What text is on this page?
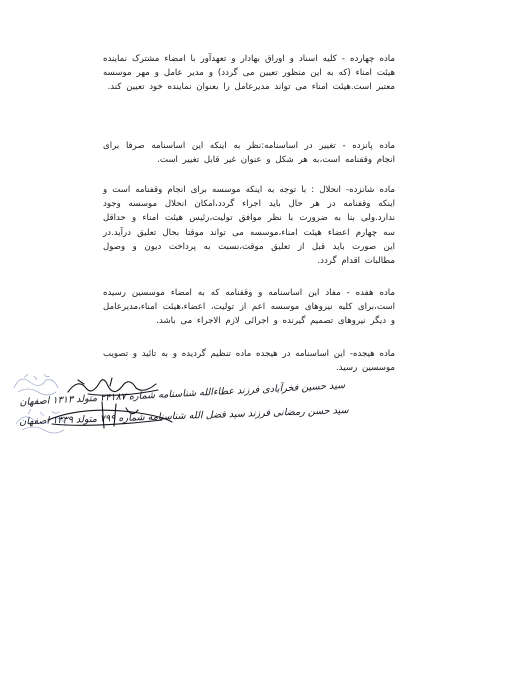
ماده چهارده - کلیه اسناد و اوراق بهادار و تعهدآور با امضاء مشترک نماینده هیئت امناء (که به این منظور تعیین می گردد) و مدیر عامل و مهر موسسه معتبر است.هیئت امناء می تواند مدیرعامل را بعنوان نماینده خود تعیین کند.
ماده پانزده - تغییر در اساسنامه:نظر به اینکه این اساسنامه صرفا برای انجام وقفنامه است،به هر شکل و عنوان غیر قابل تغییر است.
ماده شانزده- انحلال : با توجه به اینکه موسسه برای انجام وقفنامه است و اینکه وقفنامه در هر حال باید اجراء گردد،امکان انحلال موسسه وجود ندارد.ولی بنا به ضرورت با نظر موافق تولیت،رئیس هیئت امناء و حداقل سه چهارم اعضاء هیئت امناء،موسسه می تواند موقتا بحال تعلیق درآید.در این صورت باید قبل از تعلیق موقت،نسبت به پرداخت دیون و وصول مطالبات اقدام گردد.
ماده هفده - مفاد این اساسنامه و وقفنامه که به امضاء موسسین رسیده است،برای کلیه نیروهای موسسه اعم از تولیت، اعضاء،هیئت امناء،مدیرعامل و دیگر نیروهای تصمیم گیرنده و اجرائی لازم الاجراء می باشد.
ماده هیجده- این اساسنامه در هیجده ماده تنظیم گردیده و به تائید و تصویب موسسین رسید.
سید حسین فخرآبادی فرزند عطاءالله شناسنامه شماره ۲۴۱۸۷ متولد ۱۳۱۳ اصفهان
سید حسن رمضانی فرزند سید فضل الله شناسنامه شماره ۷۹۹ متولد ۱۳۳۹ اصفهان
